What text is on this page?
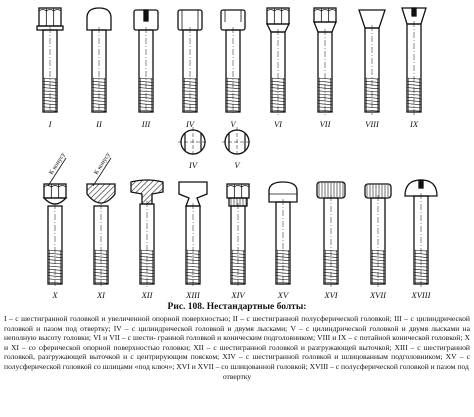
К конусу	К конусу
I	II	III	IV	V	VI	VII	VIII	IX
IV	V
X	XI	XII	XIII	XIV	XV	XVI	XVII	XVIII

Рис. 108. Нестандартные болты:

I – с шестигранной головкой и увеличенной опорной поверхностью; II – с шестигранной полусферической головкой; III – с цилиндрической головкой и пазом под отвертку; IV – с цилиндрической головкой и двумя лысками; V – с цилиндрической головкой и двумя лысками на неполную высоту головки; VI и VII – с шести- гранной головкой и коническим подголовником; VIII и IX – с потайной конической головкой; X и XI – со сферической опорной поверхностью головки; XII – с шестигранной головкой и разгружающей выточкой; XIII – с шестигранной головкой, разгружающей выточкой и с центрирующим пояском; XIV – с шестигранной головкой и шлицованным подголовником; XV – с полусферической головкой со шлицами «под ключ»; XVI и XVII – со шлицованной головкой; XVIII – с полусферической головкой и пазом под
отвертку
